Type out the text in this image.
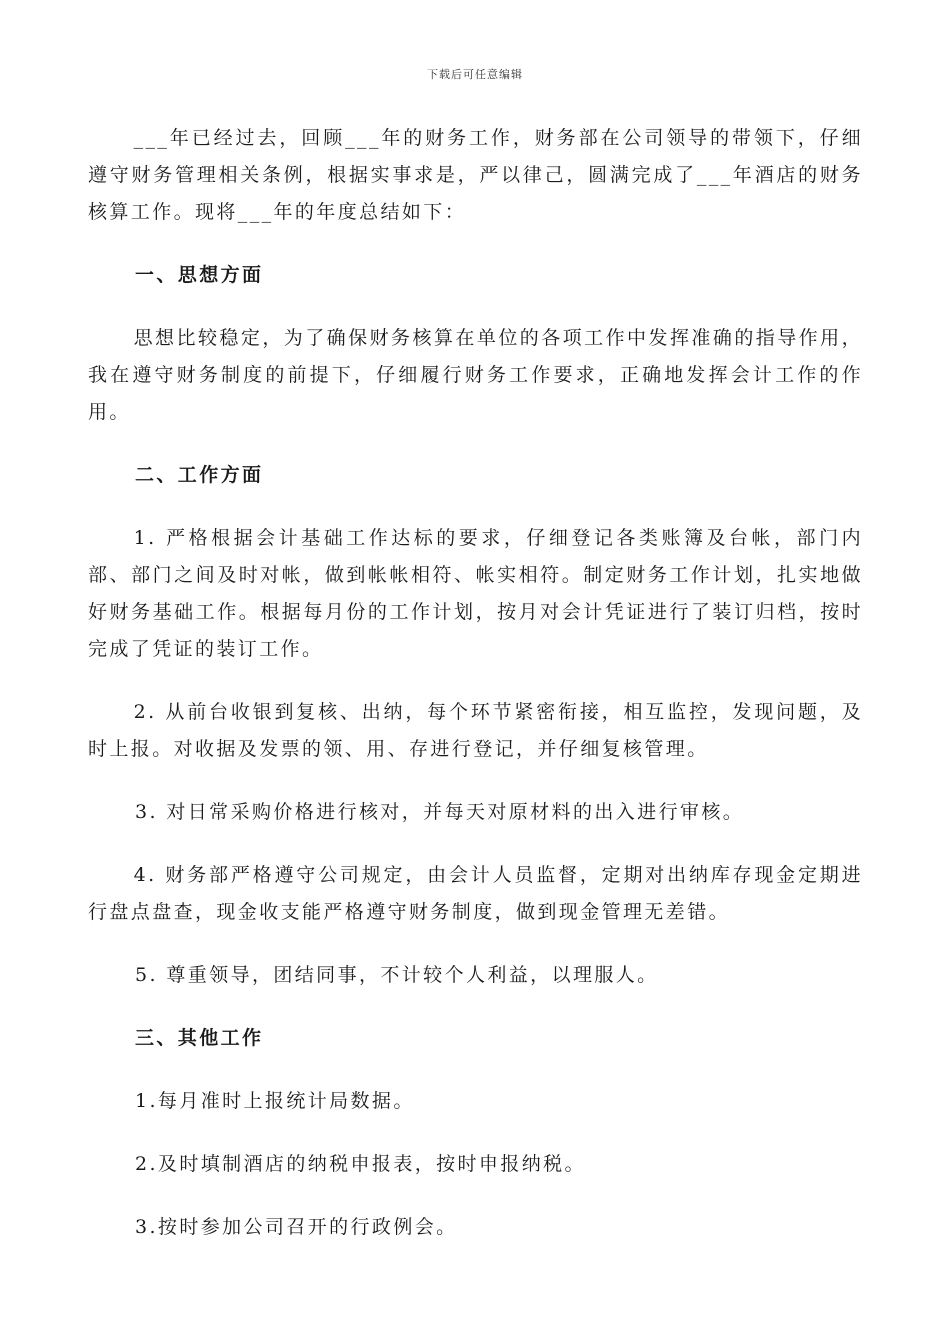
下载后可任意编辑

___年已经过去，回顾___年的财务工作，财务部在公司领导的带领下，仔细遵守财务管理相关条例，根据实事求是，严以律己，圆满完成了___年酒店的财务核算工作。现将___年的年度总结如下：

一、思想方面

思想比较稳定，为了确保财务核算在单位的各项工作中发挥准确的指导作用，我在遵守财务制度的前提下，仔细履行财务工作要求，正确地发挥会计工作的作用。

二、工作方面

1. 严格根据会计基础工作达标的要求，仔细登记各类账簿及台帐，部门内部、部门之间及时对帐，做到帐帐相符、帐实相符。制定财务工作计划，扎实地做好财务基础工作。根据每月份的工作计划，按月对会计凭证进行了装订归档，按时完成了凭证的装订工作。

2. 从前台收银到复核、出纳，每个环节紧密衔接，相互监控，发现问题，及时上报。对收据及发票的领、用、存进行登记，并仔细复核管理。

3. 对日常采购价格进行核对，并每天对原材料的出入进行审核。

4. 财务部严格遵守公司规定，由会计人员监督，定期对出纳库存现金定期进行盘点盘查，现金收支能严格遵守财务制度，做到现金管理无差错。

5. 尊重领导，团结同事，不计较个人利益，以理服人。

三、其他工作

1.每月准时上报统计局数据。

2.及时填制酒店的纳税申报表，按时申报纳税。

3.按时参加公司召开的行政例会。
